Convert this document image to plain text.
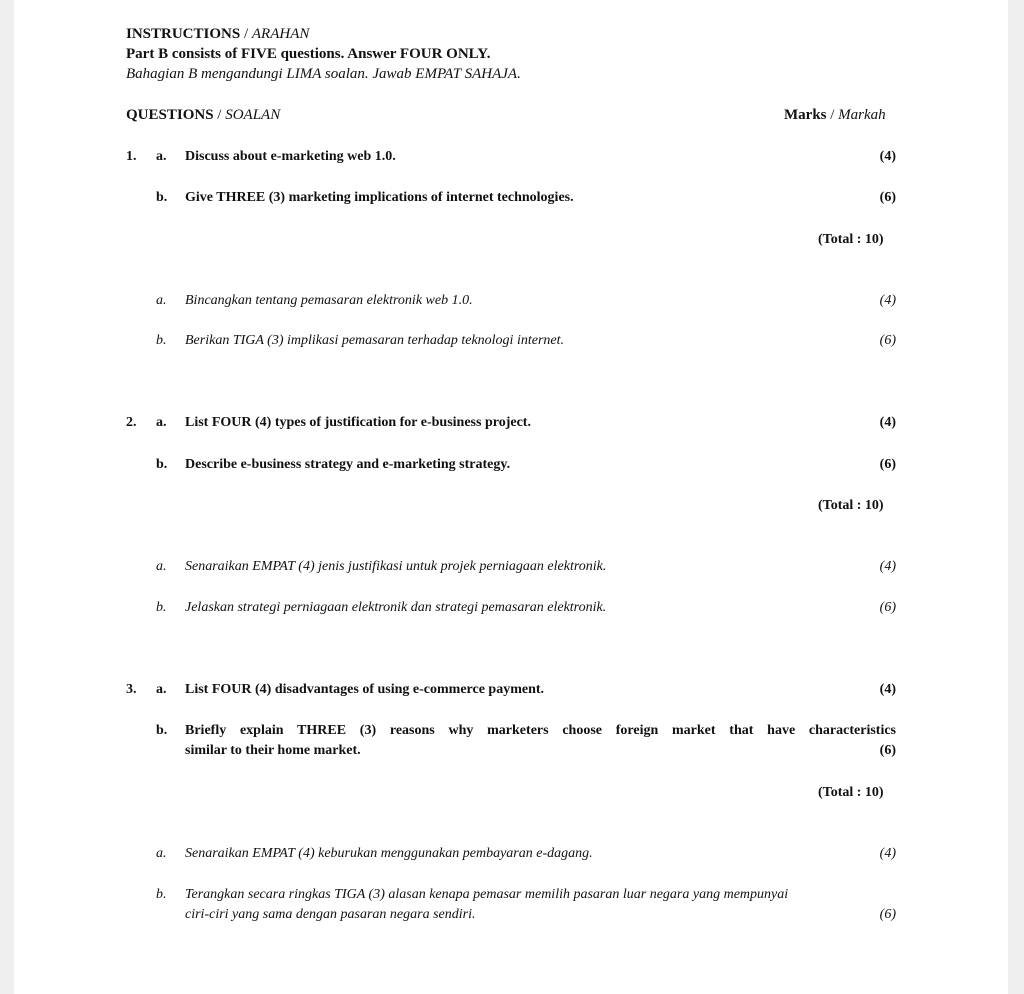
INSTRUCTIONS / ARAHAN
Part B consists of FIVE questions. Answer FOUR ONLY.
Bahagian B mengandungi LIMA soalan. Jawab EMPAT SAHAJA.
QUESTIONS / SOALAN	Marks / Markah
1. a. Discuss about e-marketing web 1.0.	(4)
b. Give THREE (3) marketing implications of internet technologies.	(6)
(Total : 10)
a. Bincangkan tentang pemasaran elektronik web 1.0.	(4)
b. Berikan TIGA (3) implikasi pemasaran terhadap teknologi internet.	(6)
2. a. List FOUR (4) types of justification for e-business project.	(4)
b. Describe e-business strategy and e-marketing strategy.	(6)
(Total : 10)
a. Senaraikan EMPAT (4) jenis justifikasi untuk projek perniagaan elektronik.	(4)
b. Jelaskan strategi perniagaan elektronik dan strategi pemasaran elektronik.	(6)
3. a. List FOUR (4) disadvantages of using e-commerce payment.	(4)
b. Briefly explain THREE (3) reasons why marketers choose foreign market that have characteristics
similar to their home market.	(6)
(Total : 10)
a. Senaraikan EMPAT (4) keburukan menggunakan pembayaran e-dagang.	(4)
b. Terangkan secara ringkas TIGA (3) alasan kenapa pemasar memilih pasaran luar negara yang mempunyai
ciri-ciri yang sama dengan pasaran negara sendiri.	(6)
